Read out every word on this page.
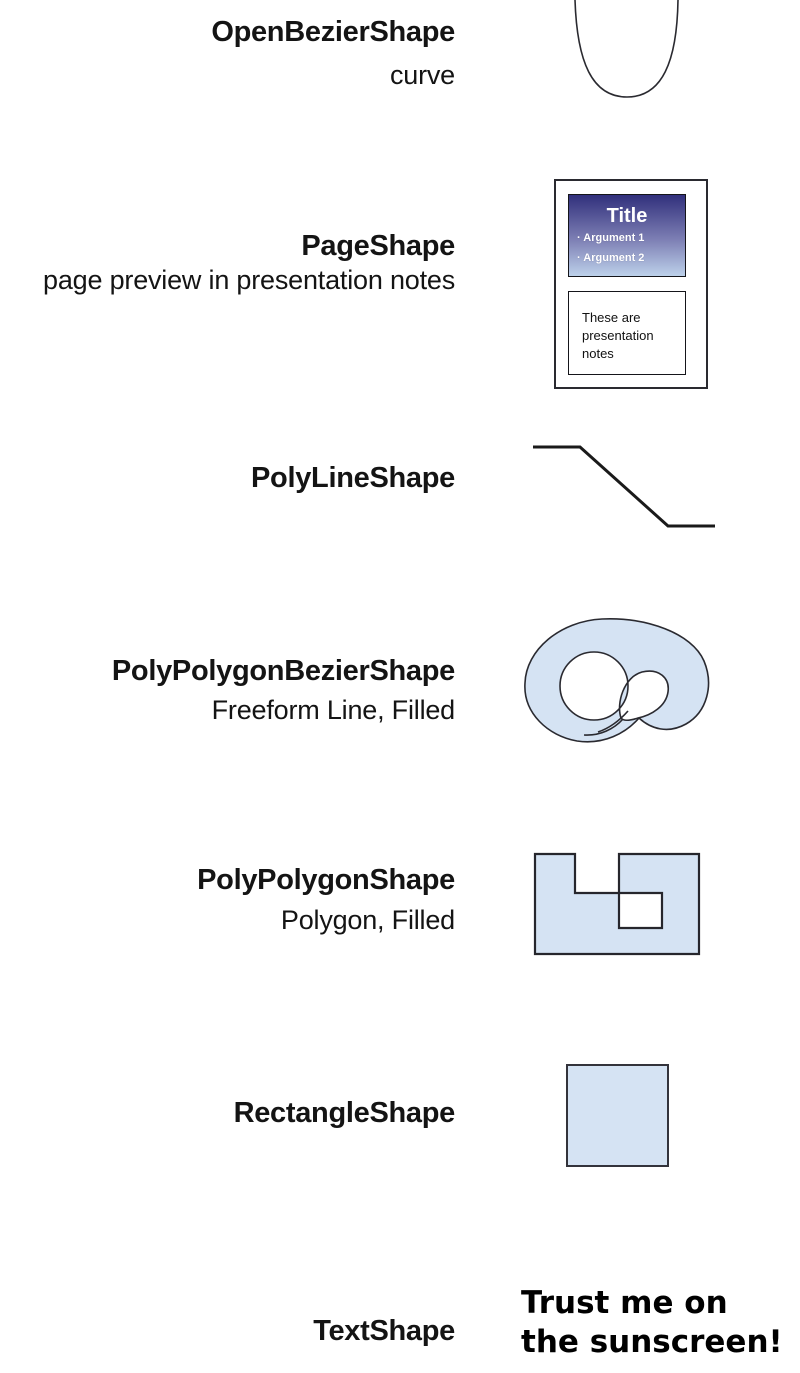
OpenBezierShape
curve
PageShape
page preview in presentation notes
Title
· Argument 1
· Argument 2
These are presentation notes
PolyLineShape
PolyPolygonBezierShape
Freeform Line, Filled
PolyPolygonShape
Polygon, Filled
RectangleShape
TextShape
Trust me on
the sunscreen!
